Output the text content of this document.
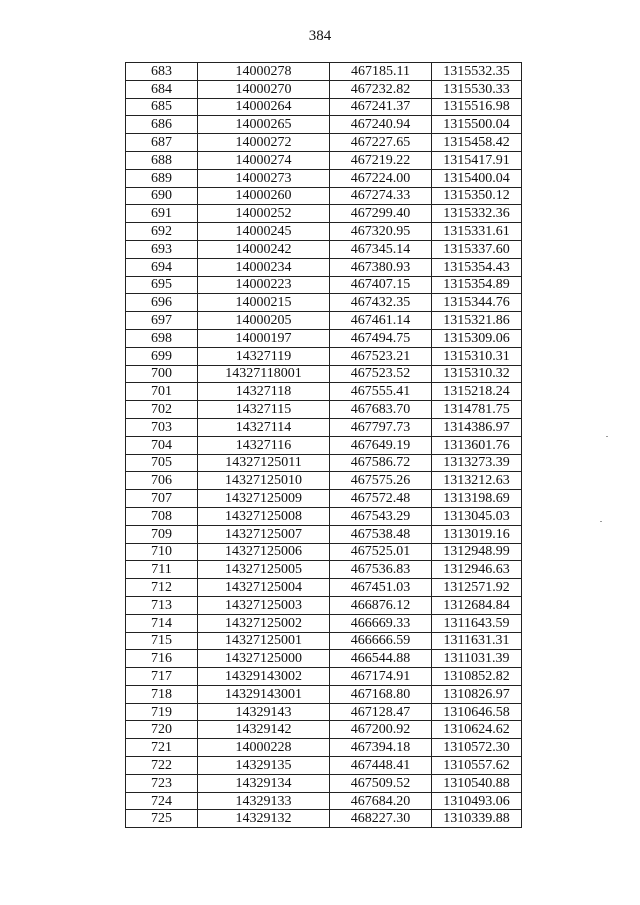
384
683	14000278	467185.11	1315532.35
684	14000270	467232.82	1315530.33
685	14000264	467241.37	1315516.98
686	14000265	467240.94	1315500.04
687	14000272	467227.65	1315458.42
688	14000274	467219.22	1315417.91
689	14000273	467224.00	1315400.04
690	14000260	467274.33	1315350.12
691	14000252	467299.40	1315332.36
692	14000245	467320.95	1315331.61
693	14000242	467345.14	1315337.60
694	14000234	467380.93	1315354.43
695	14000223	467407.15	1315354.89
696	14000215	467432.35	1315344.76
697	14000205	467461.14	1315321.86
698	14000197	467494.75	1315309.06
699	14327119	467523.21	1315310.31
700	14327118001	467523.52	1315310.32
701	14327118	467555.41	1315218.24
702	14327115	467683.70	1314781.75
703	14327114	467797.73	1314386.97
704	14327116	467649.19	1313601.76
705	14327125011	467586.72	1313273.39
706	14327125010	467575.26	1313212.63
707	14327125009	467572.48	1313198.69
708	14327125008	467543.29	1313045.03
709	14327125007	467538.48	1313019.16
710	14327125006	467525.01	1312948.99
711	14327125005	467536.83	1312946.63
712	14327125004	467451.03	1312571.92
713	14327125003	466876.12	1312684.84
714	14327125002	466669.33	1311643.59
715	14327125001	466666.59	1311631.31
716	14327125000	466544.88	1311031.39
717	14329143002	467174.91	1310852.82
718	14329143001	467168.80	1310826.97
719	14329143	467128.47	1310646.58
720	14329142	467200.92	1310624.62
721	14000228	467394.18	1310572.30
722	14329135	467448.41	1310557.62
723	14329134	467509.52	1310540.88
724	14329133	467684.20	1310493.06
725	14329132	468227.30	1310339.88
